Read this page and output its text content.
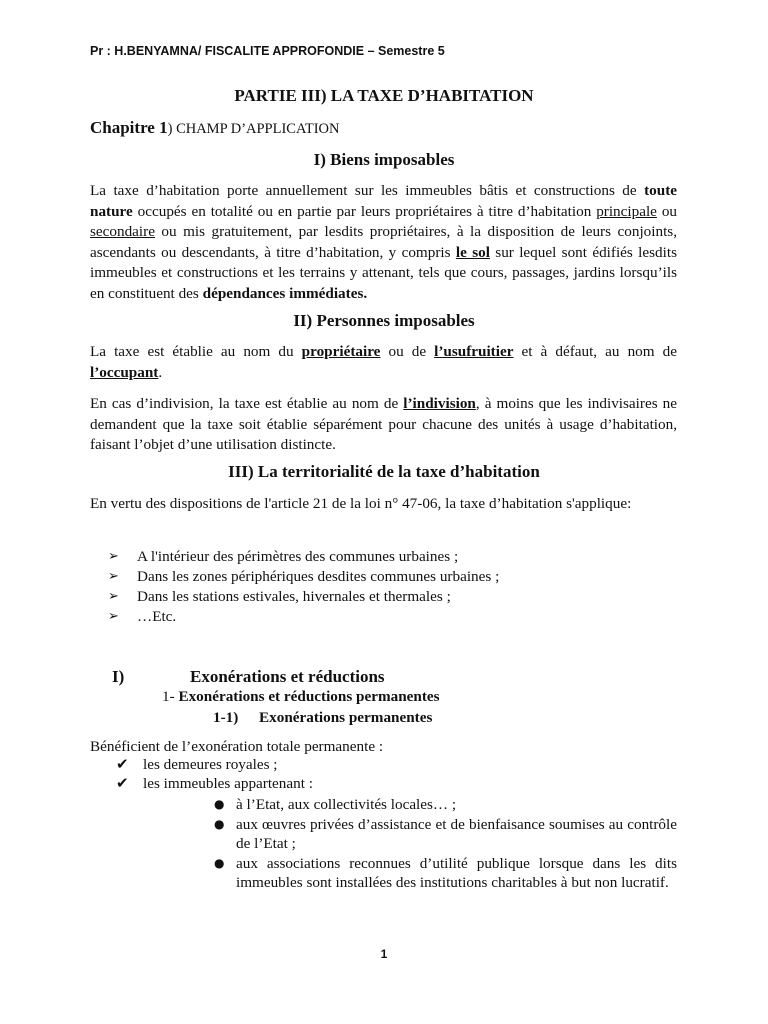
Pr : H.BENYAMNA/ FISCALITE APPROFONDIE – Semestre 5
PARTIE III) LA TAXE D’HABITATION
Chapitre 1) CHAMP D’APPLICATION
I) Biens imposables
La taxe d’habitation porte annuellement sur les immeubles bâtis et constructions de toute nature occupés en totalité ou en partie par leurs propriétaires à titre d’habitation principale ou secondaire ou mis gratuitement, par lesdits propriétaires, à la disposition de leurs conjoints, ascendants ou descendants, à titre d’habitation, y compris le sol sur lequel sont édifiés lesdits immeubles et constructions et les terrains y attenant, tels que cours, passages, jardins lorsqu’ils en constituent des dépendances immédiates.
II) Personnes imposables
La taxe est établie au nom du propriétaire ou de l’usufruitier et à défaut, au nom de l’occupant.
En cas d’indivision, la taxe est établie au nom de l’indivision, à moins que les indivisaires ne demandent que la taxe soit établie séparément pour chacune des unités à usage d’habitation, faisant l’objet d’une utilisation distincte.
III) La territorialité de la taxe d’habitation
En vertu des dispositions de l'article 21 de la loi n° 47-06, la taxe d’habitation s'applique:
➢ A l'intérieur des périmètres des communes urbaines ;
➢ Dans les zones périphériques desdites communes urbaines ;
➢ Dans les stations estivales, hivernales et thermales ;
➢ …Etc.
I)	Exonérations et réductions
1- Exonérations et réductions permanentes
1-1) Exonérations permanentes
Bénéficient de l’exonération totale permanente :
✔ les demeures royales ;
✔ les immeubles appartenant :
● à l’Etat, aux collectivités locales… ;
● aux œuvres privées d’assistance et de bienfaisance soumises au contrôle de l’Etat ;
● aux associations reconnues d’utilité publique lorsque dans les dits immeubles sont installées des institutions charitables à but non lucratif.
1
